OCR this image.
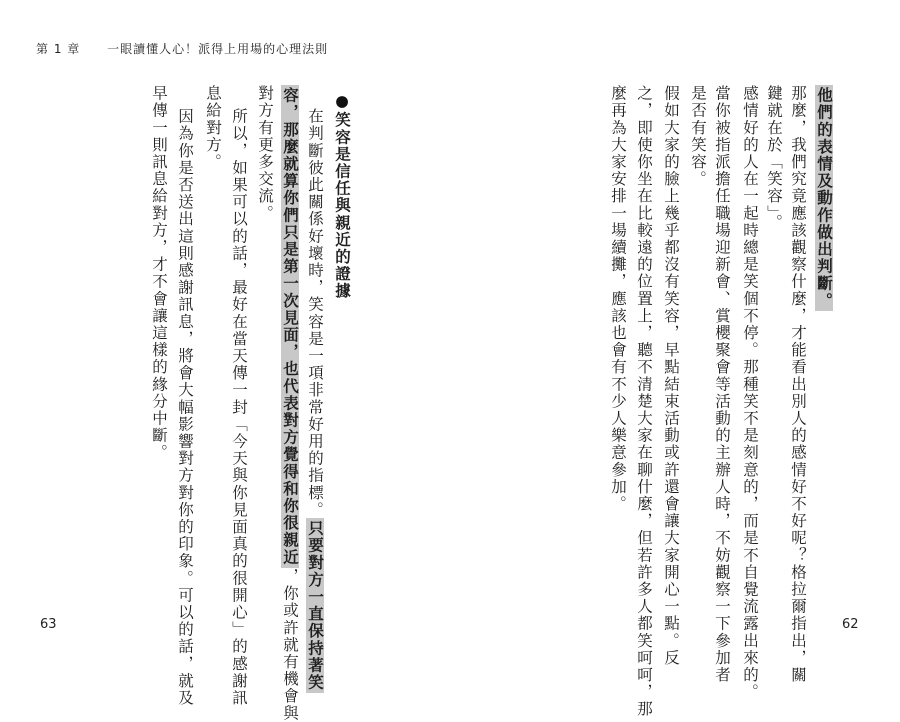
第 1 章 一眼讀懂人心！派得上用場的心理法則
他們的表情及動作做出判斷。
那麼，我們究竟應該觀察什麼，才能看出別人的感情好不好呢？格拉爾指出，關
鍵就在於「笑容」。
感情好的人在一起時總是笑個不停。那種笑不是刻意的，而是不自覺流露出來的。
當你被指派擔任職場迎新會、賞櫻聚會等活動的主辦人時，不妨觀察一下參加者
是否有笑容。
假如大家的臉上幾乎都沒有笑容，早點結束活動或許還會讓大家開心一點。反
之，即使你坐在比較遠的位置上，聽不清楚大家在聊什麼，但若許多人都笑呵呵，那
麼再為大家安排一場續攤，應該也會有不少人樂意參加。
●笑容是信任與親近的證據
在判斷彼此關係好壞時，笑容是一項非常好用的指標。只要對方一直保持著笑
容，那麼就算你們只是第一次見面，也代表對方覺得和你很親近，你或許就有機會與
對方有更多交流。
所以，如果可以的話，最好在當天傳一封「今天與你見面真的很開心」的感謝訊
息給對方。
因為你是否送出這則感謝訊息，將會大幅影響對方對你的印象。可以的話，就及
早傳一則訊息給對方，才不會讓這樣的緣分中斷。
63	62
